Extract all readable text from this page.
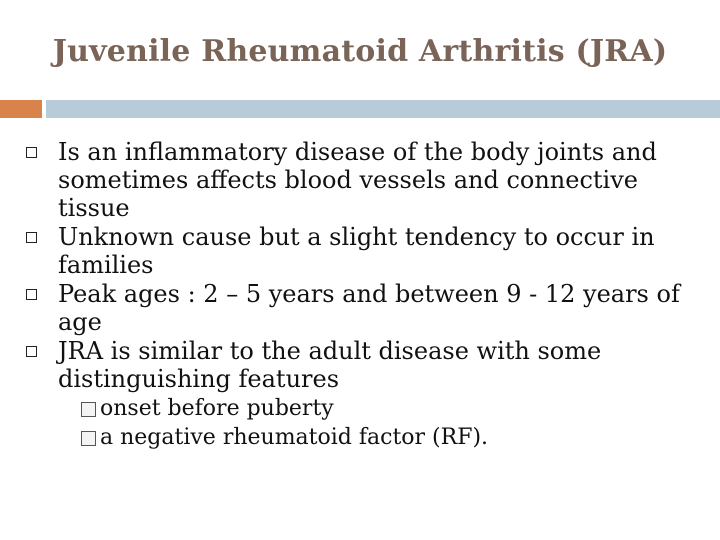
Juvenile Rheumatoid Arthritis (JRA)
Is an inflammatory disease of the body joints and sometimes affects blood vessels and connective tissue
Unknown cause but a slight tendency to occur in families
Peak ages : 2 – 5 years and between 9 - 12 years of age
JRA is similar to the adult disease with some distinguishing features
onset before puberty
a negative rheumatoid factor (RF).
